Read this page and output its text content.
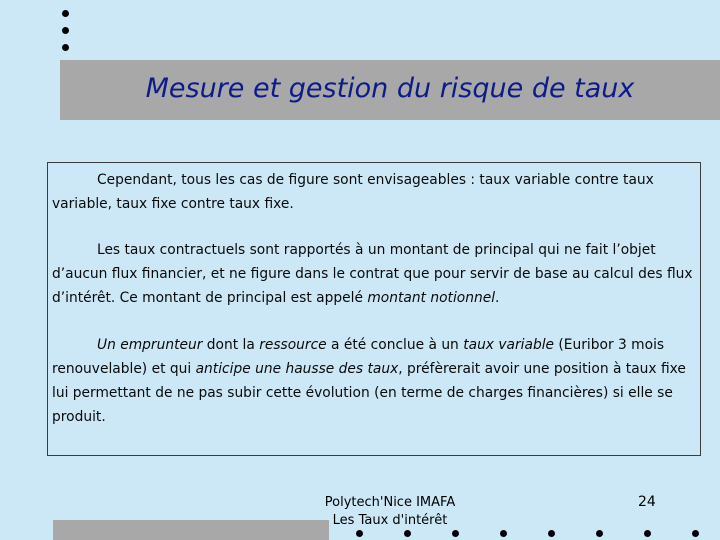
Mesure et gestion du risque de taux

Cependant, tous les cas de figure sont envisageables : taux variable contre taux variable, taux fixe contre taux fixe.

Les taux contractuels sont rapportés à un montant de principal qui ne fait l’objet d’aucun flux financier, et ne figure dans le contrat que pour servir de base au calcul des flux d’intérêt. Ce montant de principal est appelé montant notionnel.

Un emprunteur dont la ressource a été conclue à un taux variable (Euribor 3 mois renouvelable) et qui anticipe une hausse des taux, préfèrerait avoir une position à taux fixe lui permettant de ne pas subir cette évolution (en terme de charges financières) si elle se produit.

Polytech'Nice IMAFA
Les Taux d'intérêt
24
